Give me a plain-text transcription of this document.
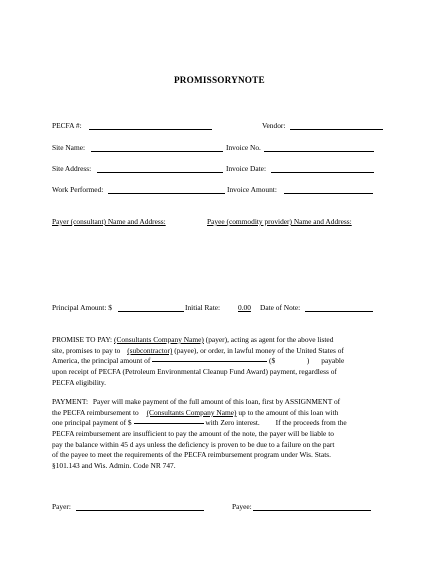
PROMISSORYNOTE
PECFA #:	Vendor:
Site Name:	Invoice No.
Site Address:	Invoice Date:
Work Performed:	Invoice Amount:
Payer (consultant) Name and Address:	Payee (commodity provider) Name and Address:
Principal Amount: $	Initial Rate: 0.00 Date of Note:
PROMISE TO PAY: (Consultants Company Name) (payer), acting as agent for the above listed
site, promises to pay to (subcontractor) (payee), or order, in lawful money of the United States of
America, the principal amount of	($	) payable
upon receipt of PECFA (Petroleum Environmental Cleanup Fund Award) payment, regardless of
PECFA eligibility.
PAYMENT: Payer will make payment of the full amount of this loan, first by ASSIGNMENT of
the PECFA reimbursement to (Consultants Company Name) up to the amount of this loan with
one principal payment of $	with Zero interest. If the proceeds from the
PECFA reimbursement are insufficient to pay the amount of the note, the payer will be liable to
pay the balance within 45 d ays unless the deficiency is proven to be due to a failure on the part
of the payee to meet the requirements of the PECFA reimbursement program under Wis. Stats.
§101.143 and Wis. Admin. Code NR 747.
Payer:	Payee:
